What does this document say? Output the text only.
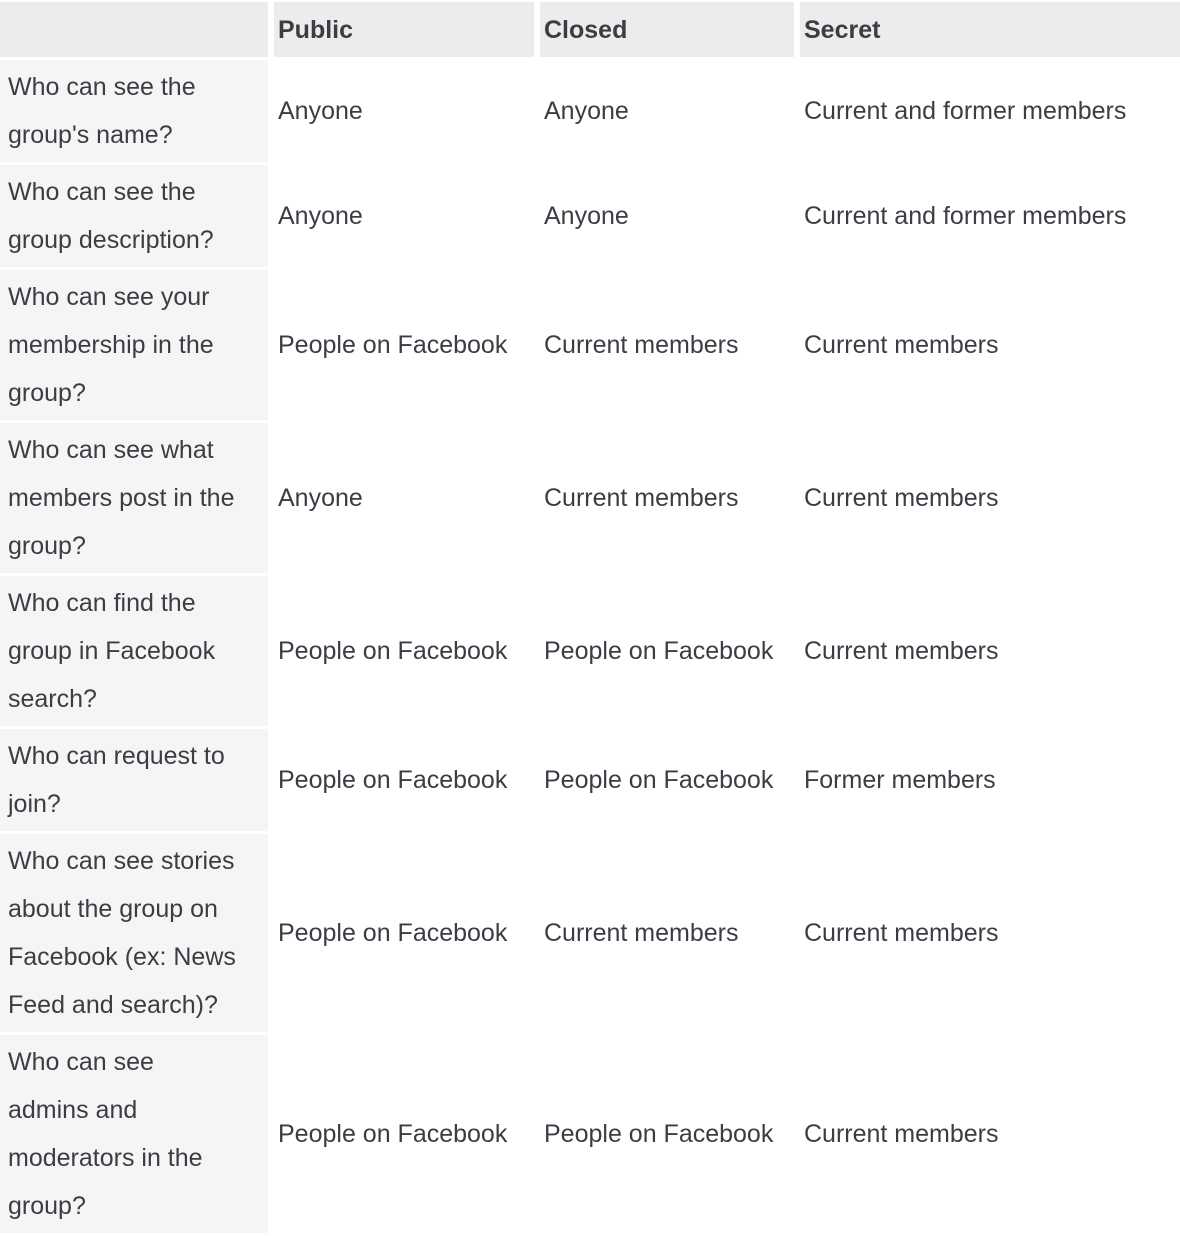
	Public	Closed	Secret
Who can see the group's name?	Anyone	Anyone	Current and former members
Who can see the group description?	Anyone	Anyone	Current and former members
Who can see your membership in the group?	People on Facebook	Current members	Current members
Who can see what members post in the group?	Anyone	Current members	Current members
Who can find the group in Facebook search?	People on Facebook	People on Facebook	Current members
Who can request to join?	People on Facebook	People on Facebook	Former members
Who can see stories about the group on Facebook (ex: News Feed and search)?	People on Facebook	Current members	Current members
Who can see admins and moderators in the group?	People on Facebook	People on Facebook	Current members
